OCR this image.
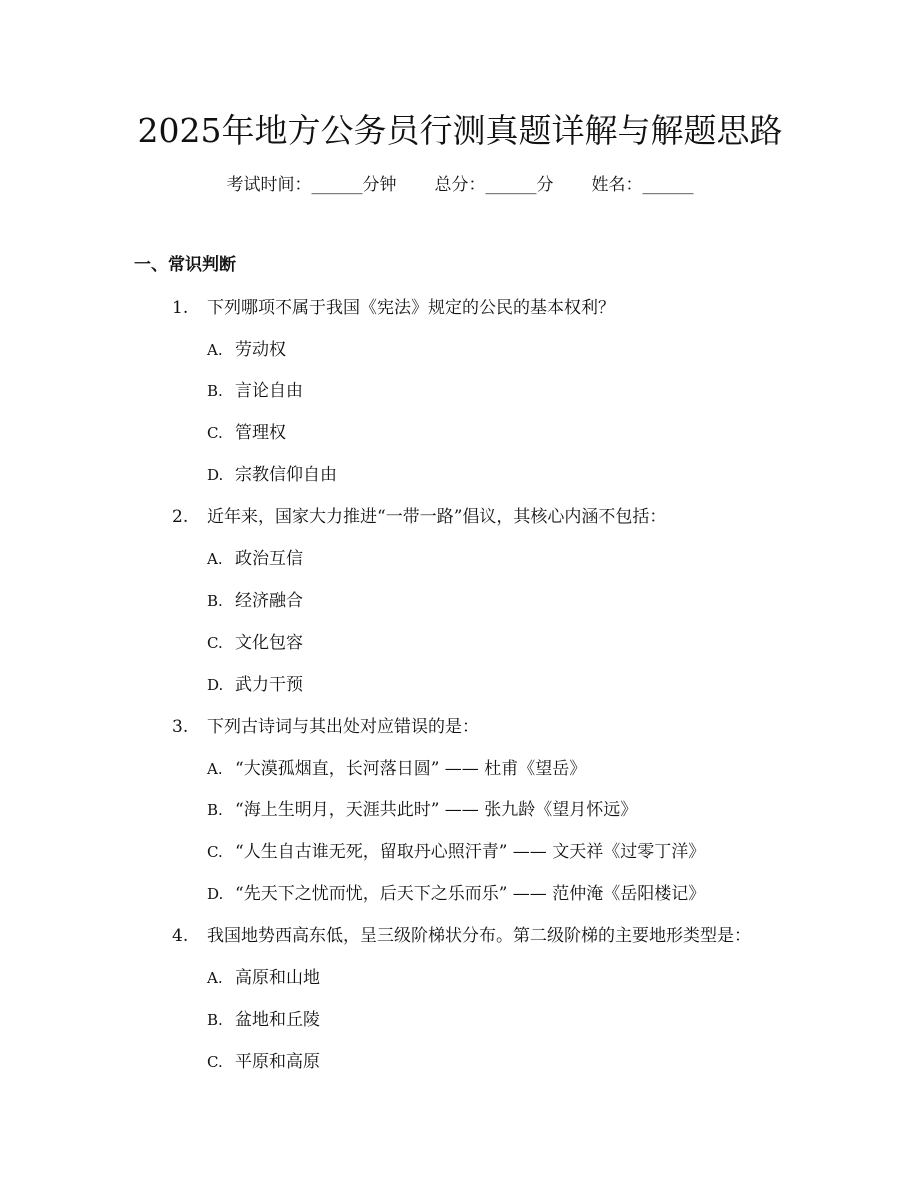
2025年地方公务员行测真题详解与解题思路
考试时间：______分钟 总分：______分 姓名：______
一、常识判断
1. 下列哪项不属于我国《宪法》规定的公民的基本权利？
A. 劳动权
B. 言论自由
C. 管理权
D. 宗教信仰自由
2. 近年来，国家大力推进“一带一路”倡议，其核心内涵不包括：
A. 政治互信
B. 经济融合
C. 文化包容
D. 武力干预
3. 下列古诗词与其出处对应错误的是：
A. “大漠孤烟直，长河落日圆” —— 杜甫《望岳》
B. “海上生明月，天涯共此时” —— 张九龄《望月怀远》
C. “人生自古谁无死，留取丹心照汗青” —— 文天祥《过零丁洋》
D. “先天下之忧而忧，后天下之乐而乐” —— 范仲淹《岳阳楼记》
4. 我国地势西高东低，呈三级阶梯状分布。第二级阶梯的主要地形类型是：
A. 高原和山地
B. 盆地和丘陵
C. 平原和高原
